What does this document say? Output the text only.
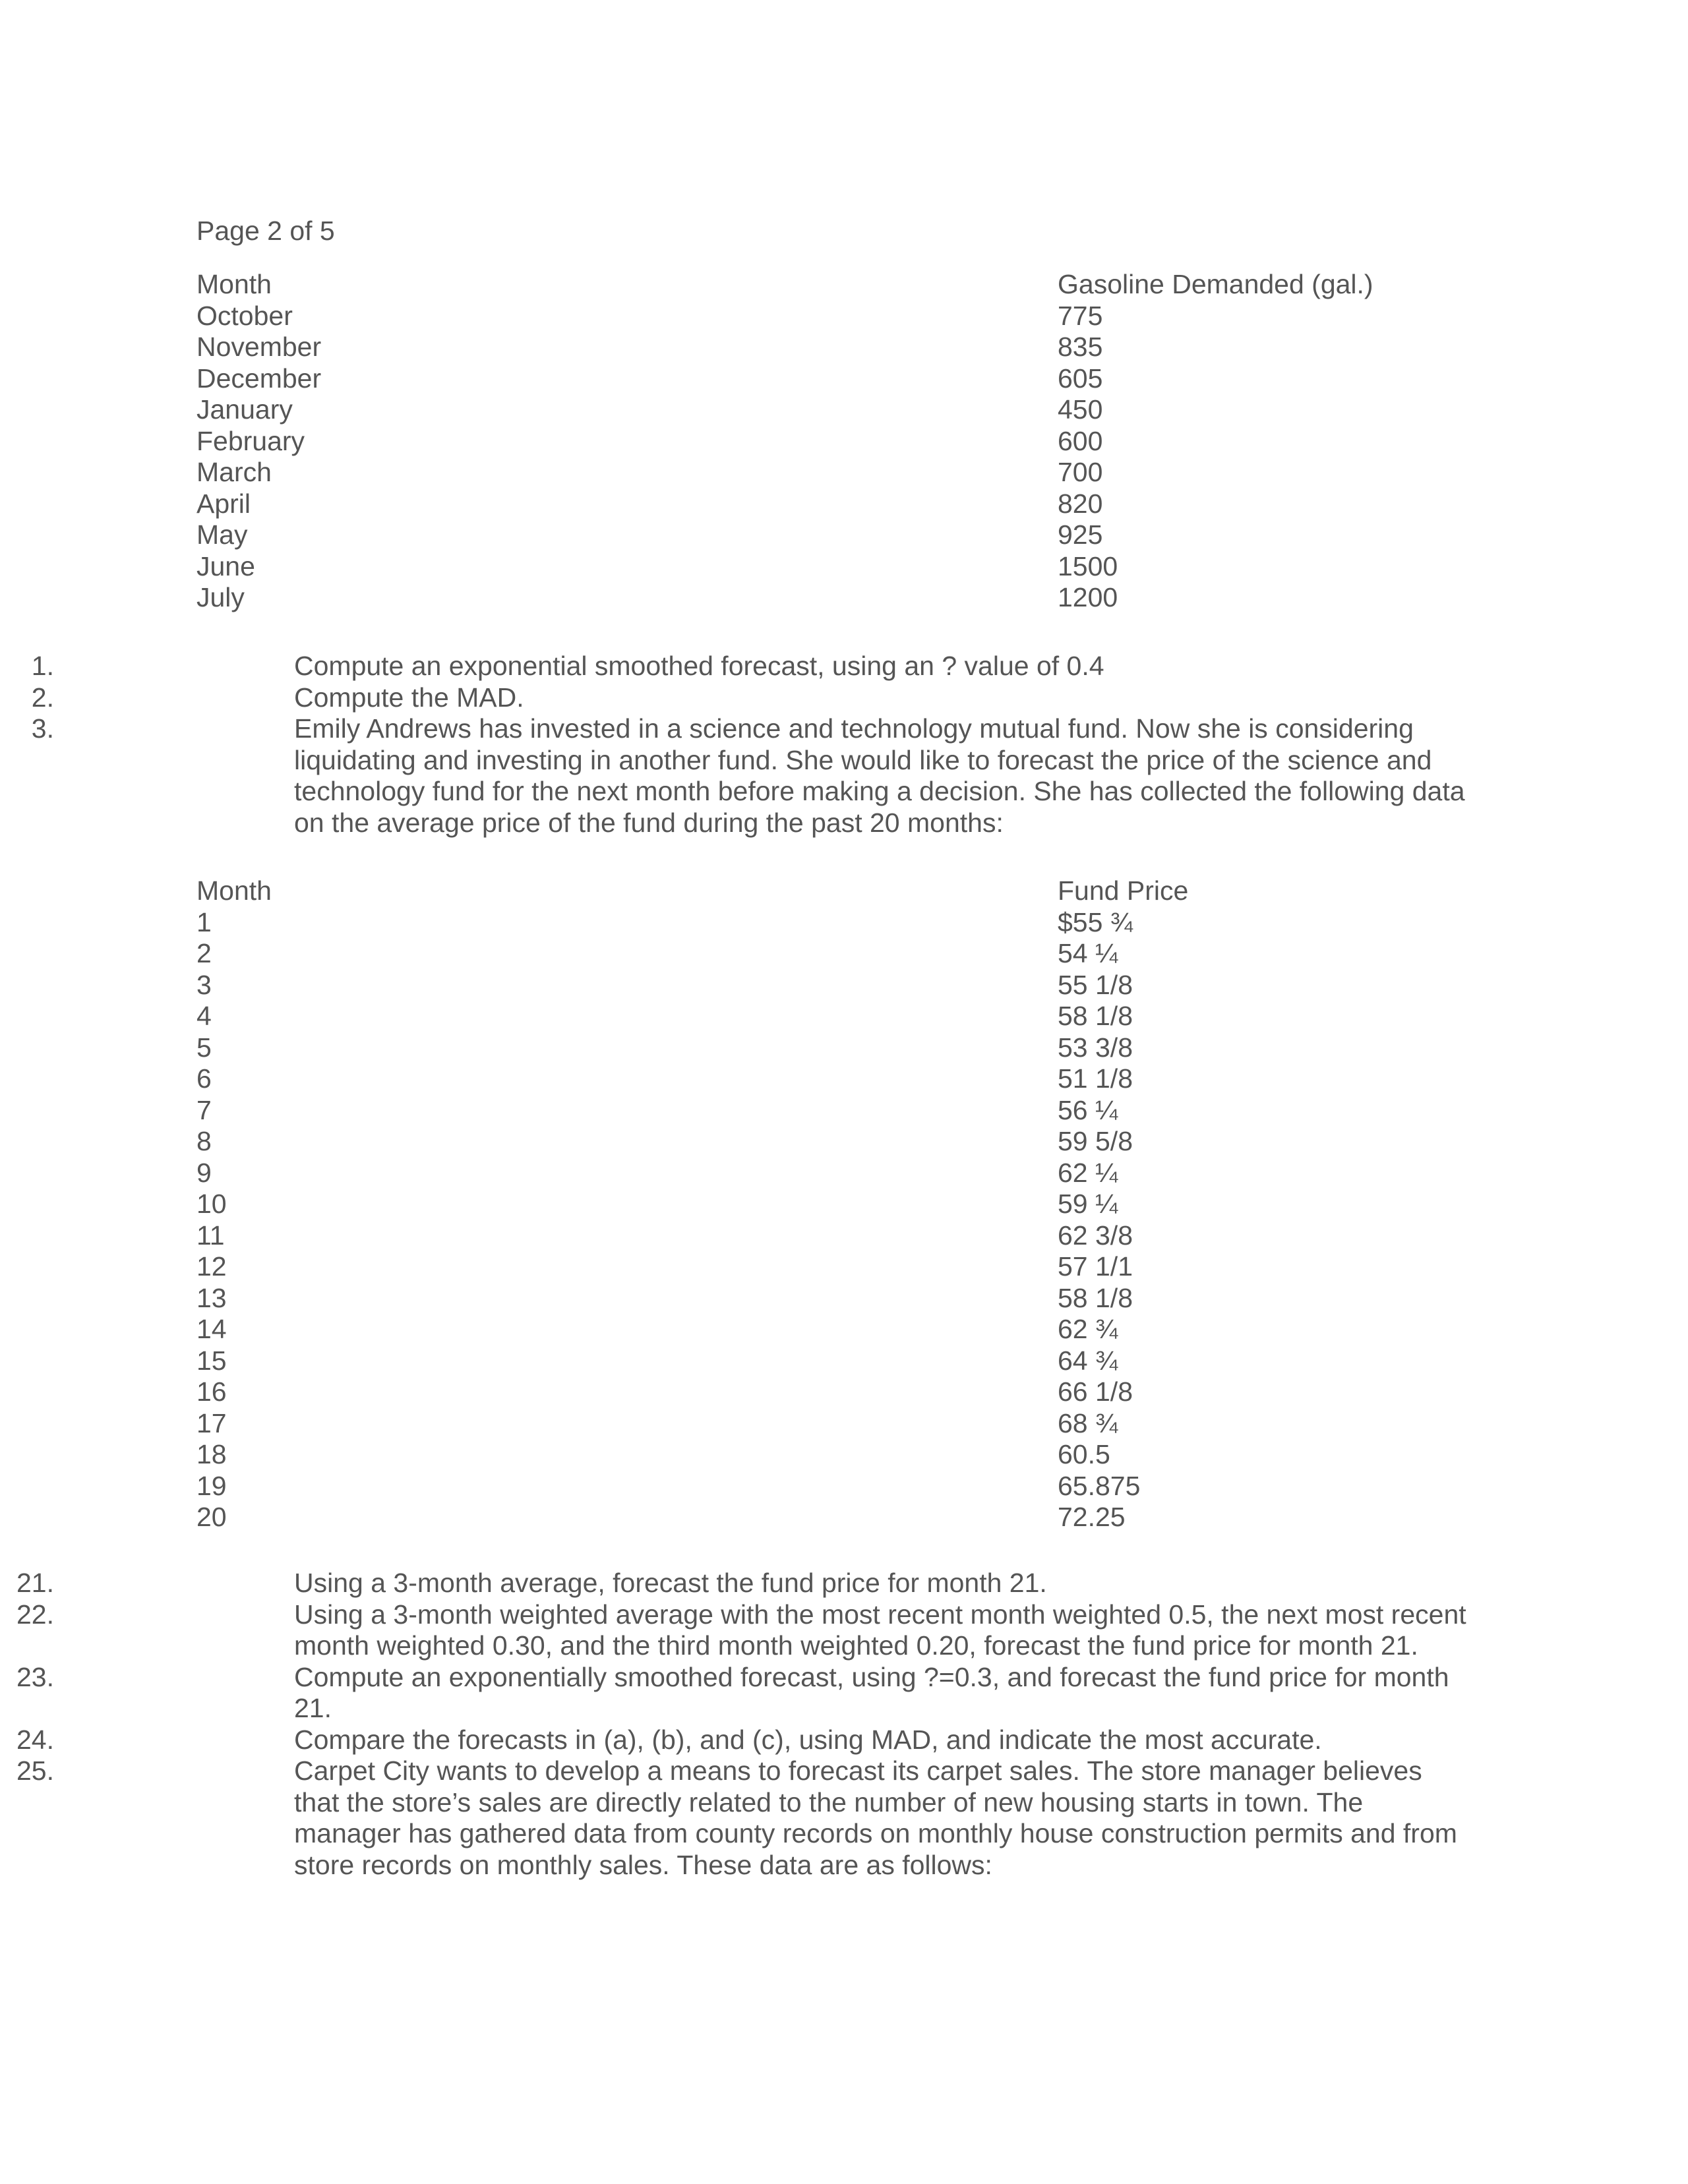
Page 2 of 5
Month	Gasoline Demanded (gal.)
October	775
November	835
December	605
January	450
February	600
March	700
April	820
May	925
June	1500
July	1200
1.	Compute an exponential smoothed forecast, using an ? value of 0.4
2.	Compute the MAD.
3.	Emily Andrews has invested in a science and technology mutual fund. Now she is considering liquidating and investing in another fund. She would like to forecast the price of the science and technology fund for the next month before making a decision. She has collected the following data on the average price of the fund during the past 20 months:
Month	Fund Price
1	$55 ¾
2	54 ¼
3	55 1/8
4	58 1/8
5	53 3/8
6	51 1/8
7	56 ¼
8	59 5/8
9	62 ¼
10	59 ¼
11	62 3/8
12	57 1/1
13	58 1/8
14	62 ¾
15	64 ¾
16	66 1/8
17	68 ¾
18	60.5
19	65.875
20	72.25
21.	Using a 3-month average, forecast the fund price for month 21.
22.	Using a 3-month weighted average with the most recent month weighted 0.5, the next most recent month weighted 0.30, and the third month weighted 0.20, forecast the fund price for month 21.
23.	Compute an exponentially smoothed forecast, using ?=0.3, and forecast the fund price for month 21.
24.	Compare the forecasts in (a), (b), and (c), using MAD, and indicate the most accurate.
25.	Carpet City wants to develop a means to forecast its carpet sales. The store manager believes that the store’s sales are directly related to the number of new housing starts in town. The manager has gathered data from county records on monthly house construction permits and from store records on monthly sales. These data are as follows:
